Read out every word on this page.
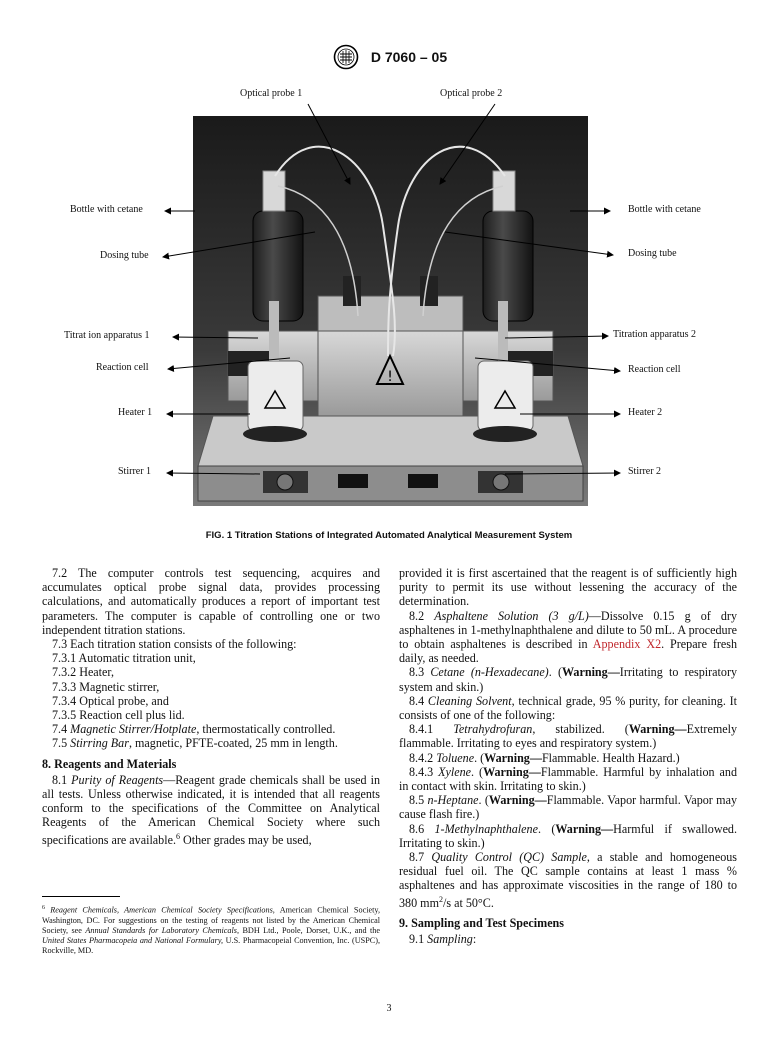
D 7060 – 05
!
Optical probe 1	Optical probe 2
Bottle with cetane	Bottle with cetane
Dosing tube	Dosing tube
Titrat ion apparatus 1	Titration apparatus 2
Reaction cell	Reaction cell
Heater 1	Heater 2
Stirrer 1	Stirrer 2
FIG. 1 Titration Stations of Integrated Automated Analytical Measurement System

7.2 The computer controls test sequencing, acquires and accumulates optical probe signal data, provides processing calculations, and automatically produces a report of important test parameters. The computer is capable of controlling one or two independent titration stations.

7.3 Each titration station consists of the following:

7.3.1 Automatic titration unit,

7.3.2 Heater,

7.3.3 Magnetic stirrer,

7.3.4 Optical probe, and

7.3.5 Reaction cell plus lid.

7.4 Magnetic Stirrer/Hotplate, thermostatically controlled.

7.5 Stirring Bar, magnetic, PFTE-coated, 25 mm in length.

8. Reagents and Materials

8.1 Purity of Reagents—Reagent grade chemicals shall be used in all tests. Unless otherwise indicated, it is intended that all reagents conform to the specifications of the Committee on Analytical Reagents of the American Chemical Society where such specifications are available.$^6$ Other grades may be used,

$^6$ Reagent Chemicals, American Chemical Society Specifications, American Chemical Society, Washington, DC. For suggestions on the testing of reagents not listed by the American Chemical Society, see Annual Standards for Laboratory Chemicals, BDH Ltd., Poole, Dorset, U.K., and the United States Pharmacopeia and National Formulary, U.S. Pharmacopeial Convention, Inc. (USPC), Rockville, MD.

provided it is first ascertained that the reagent is of sufficiently high purity to permit its use without lessening the accuracy of the determination.

8.2 Asphaltene Solution (3 g/L)—Dissolve 0.15 g of dry asphaltenes in 1-methylnaphthalene and dilute to 50 mL. A procedure to obtain asphaltenes is described in Appendix X2. Prepare fresh daily, as needed.

8.3 Cetane (n-Hexadecane). (Warning—Irritating to respiratory system and skin.)

8.4 Cleaning Solvent, technical grade, 95 % purity, for cleaning. It consists of one of the following:

8.4.1 Tetrahydrofuran, stabilized. (Warning—Extremely flammable. Irritating to eyes and respiratory system.)

8.4.2 Toluene. (Warning—Flammable. Health Hazard.)

8.4.3 Xylene. (Warning—Flammable. Harmful by inhalation and in contact with skin. Irritating to skin.)

8.5 n-Heptane. (Warning—Flammable. Vapor harmful. Vapor may cause flash fire.)

8.6 1-Methylnaphthalene. (Warning—Harmful if swallowed. Irritating to skin.)

8.7 Quality Control (QC) Sample, a stable and homogeneous residual fuel oil. The QC sample contains at least 1 mass % asphaltenes and has approximate viscosities in the range of 180 to 380 $mm^2/s$ at 50°C.

9. Sampling and Test Specimens

9.1 Sampling:

3
